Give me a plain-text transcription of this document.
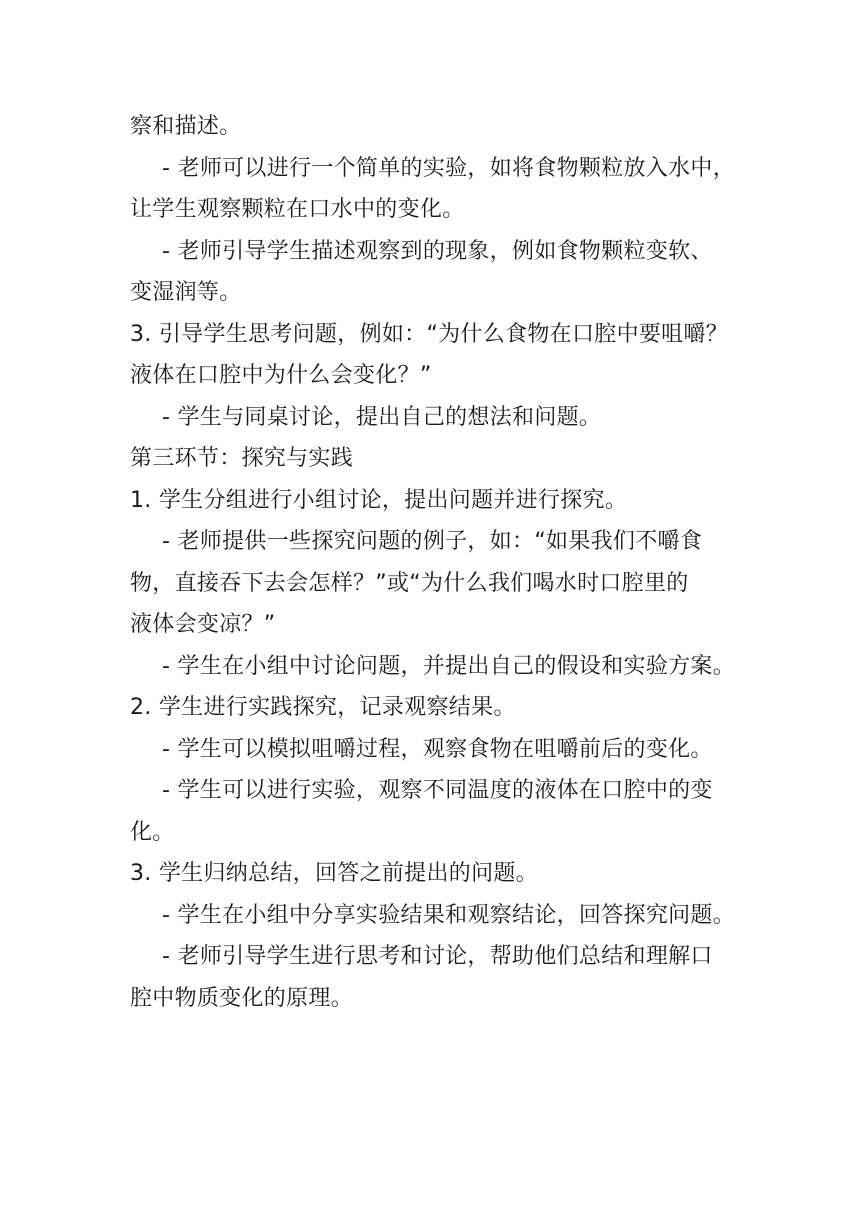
察和描述。
- 老师可以进行一个简单的实验，如将食物颗粒放入水中，
让学生观察颗粒在口水中的变化。
- 老师引导学生描述观察到的现象，例如食物颗粒变软、
变湿润等。
3. 引导学生思考问题，例如：“为什么食物在口腔中要咀嚼？
液体在口腔中为什么会变化？”
- 学生与同桌讨论，提出自己的想法和问题。
第三环节：探究与实践
1. 学生分组进行小组讨论，提出问题并进行探究。
- 老师提供一些探究问题的例子，如：“如果我们不嚼食
物，直接吞下去会怎样？”或“为什么我们喝水时口腔里的
液体会变凉？”
- 学生在小组中讨论问题，并提出自己的假设和实验方案。
2. 学生进行实践探究，记录观察结果。
- 学生可以模拟咀嚼过程，观察食物在咀嚼前后的变化。
- 学生可以进行实验，观察不同温度的液体在口腔中的变
化。
3. 学生归纳总结，回答之前提出的问题。
- 学生在小组中分享实验结果和观察结论，回答探究问题。
- 老师引导学生进行思考和讨论，帮助他们总结和理解口
腔中物质变化的原理。
